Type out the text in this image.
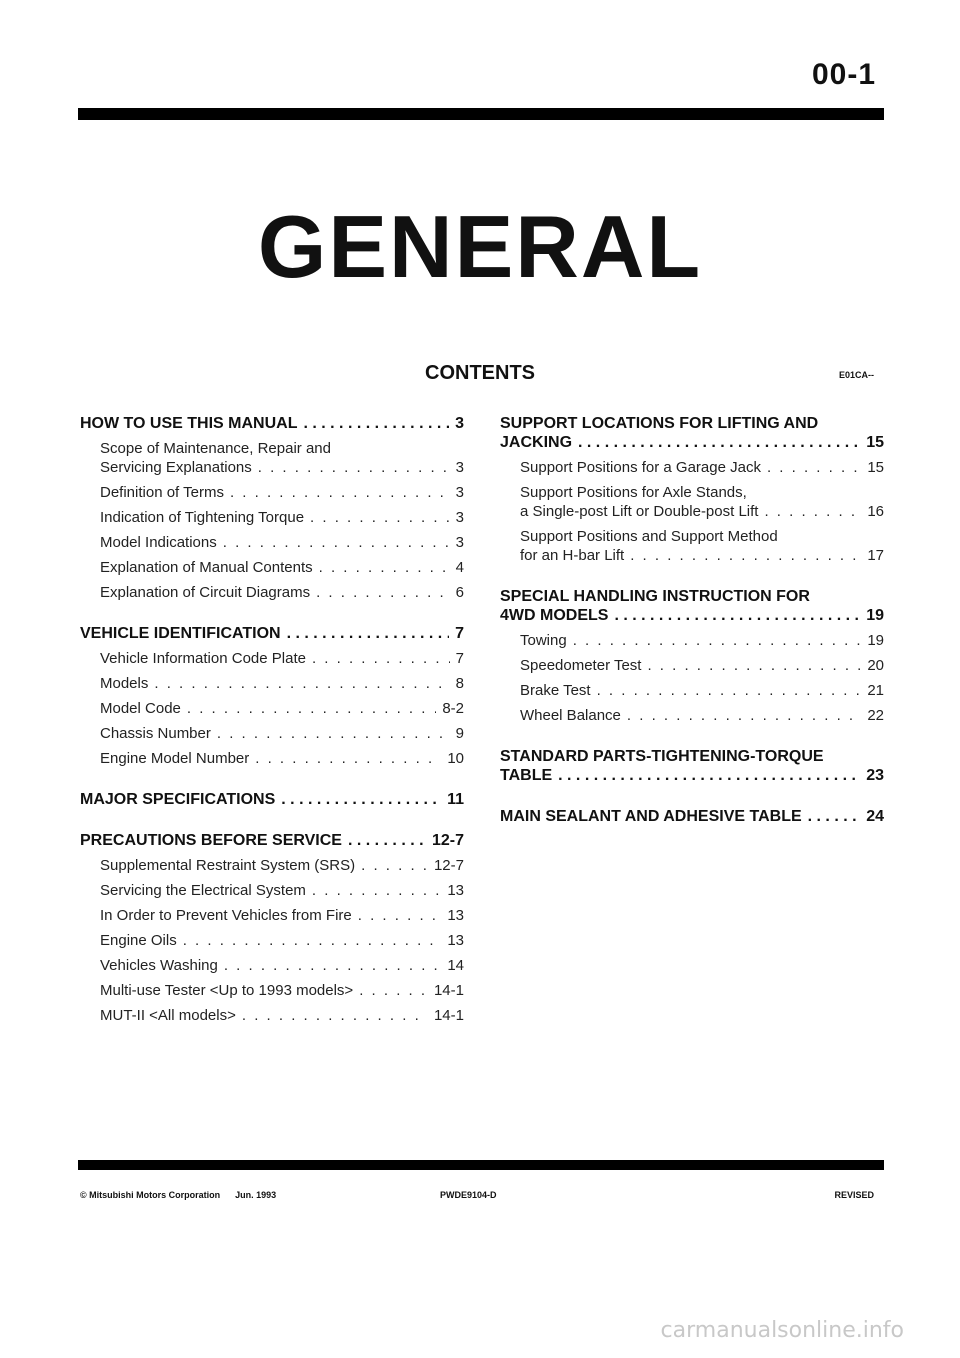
00-1
GENERAL
CONTENTS	E01CA--
HOW TO USE THIS MANUAL . . .	3
Scope of Maintenance, Repair and
Servicing Explanations . . .	3
Definition of Terms . . .	3
Indication of Tightening Torque . . .	3
Model Indications . . .	3
Explanation of Manual Contents . . .	4
Explanation of Circuit Diagrams . . .	6
VEHICLE IDENTIFICATION . . .	7
Vehicle Information Code Plate . . .	7
Models . . .	8
Model Code . . .	8-2
Chassis Number . . .	9
Engine Model Number . . .	10
MAJOR SPECIFICATIONS . . .	11
PRECAUTIONS BEFORE SERVICE . . .	12-7
Supplemental Restraint System (SRS) . . .	12-7
Servicing the Electrical System . . .	13
In Order to Prevent Vehicles from Fire . . .	13
Engine Oils . . .	13
Vehicles Washing . . .	14
Multi-use Tester <Up to 1993 models> . . .	14-1
MUT-II <All models> . . .	14-1
SUPPORT LOCATIONS FOR LIFTING AND
JACKING . . .	15
Support Positions for a Garage Jack . . .	15
Support Positions for Axle Stands,
a Single-post Lift or Double-post Lift . . .	16
Support Positions and Support Method
for an H-bar Lift . . .	17
SPECIAL HANDLING INSTRUCTION FOR
4WD MODELS . . .	19
Towing . . .	19
Speedometer Test . . .	20
Brake Test . . .	21
Wheel Balance . . .	22
STANDARD PARTS-TIGHTENING-TORQUE
TABLE . . .	23
MAIN SEALANT AND ADHESIVE TABLE . . .	24
© Mitsubishi Motors Corporation Jun. 1993	PWDE9104-D	REVISED
carmanualsonline.info
